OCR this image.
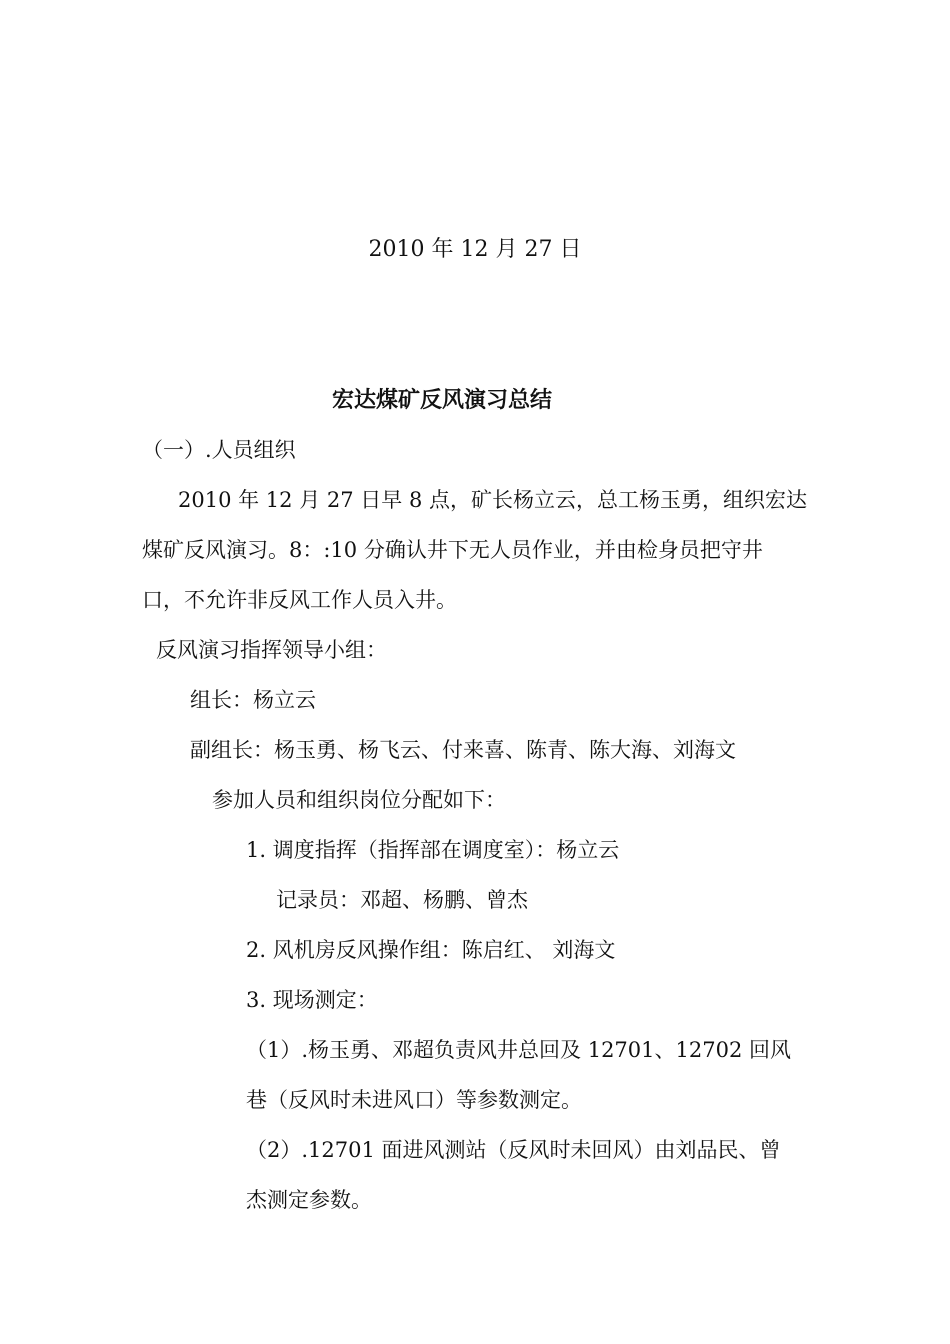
2010 年 12 月 27 日
宏达煤矿反风演习总结
（一）.人员组织
2010 年 12 月 27 日早 8 点，矿长杨立云，总工杨玉勇，组织宏达
煤矿反风演习。8：:10 分确认井下无人员作业，并由检身员把守井
口，不允许非反风工作人员入井。
反风演习指挥领导小组：
组长：杨立云
副组长：杨玉勇、杨飞云、付来喜、陈青、陈大海、刘海文
参加人员和组织岗位分配如下：
1. 调度指挥（指挥部在调度室）：杨立云
记录员：邓超、杨鹏、曾杰
2. 风机房反风操作组：陈启红、 刘海文
3. 现场测定：
（1）.杨玉勇、邓超负责风井总回及 12701、12702 回风
巷（反风时未进风口）等参数测定。
（2）.12701 面进风测站（反风时未回风）由刘品民、曾
杰测定参数。
